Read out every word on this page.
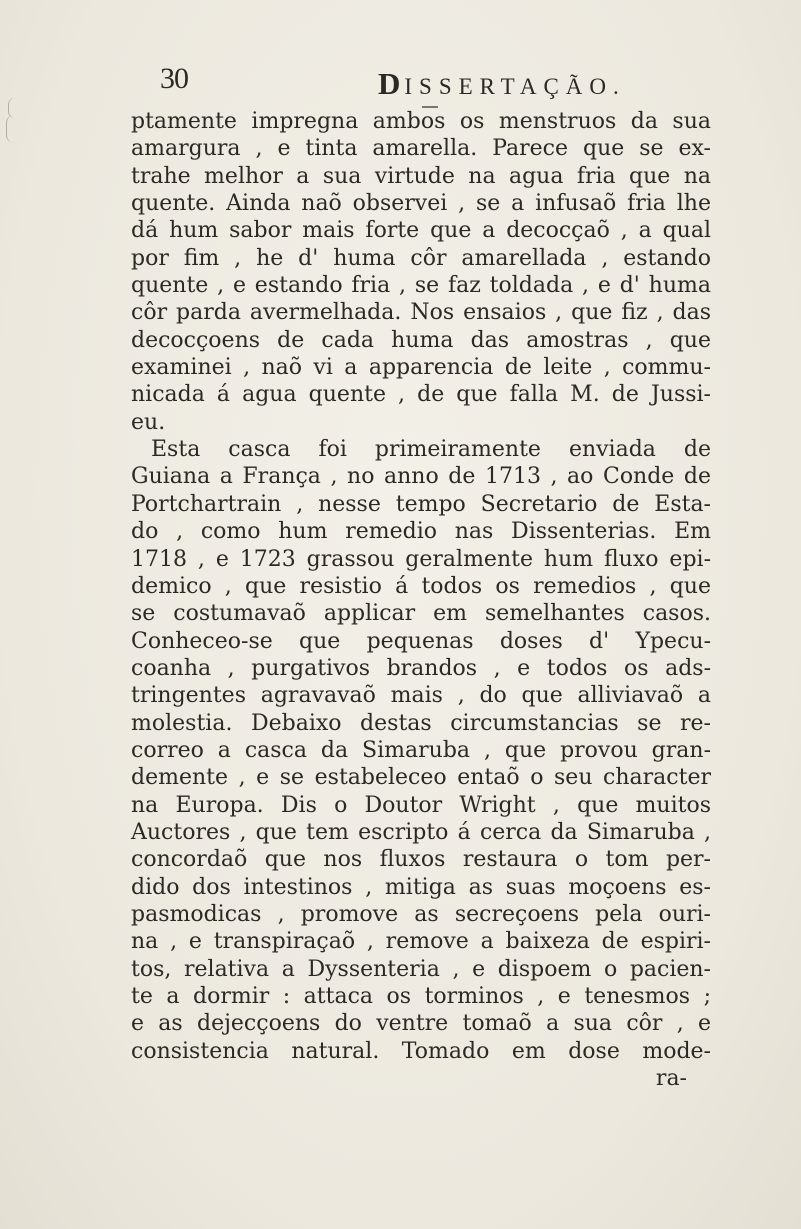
30	DISSERTAÇÃO.
ptamente impregna ambos os menstruos da sua
amargura , e tinta amarella. Parece que se ex-
trahe melhor a sua virtude na agua fria que na
quente. Ainda naõ observei , se a infusaõ fria lhe
dá hum sabor mais forte que a decocçaõ , a qual
por fim , he d' huma côr amarellada , estando
quente , e estando fria , se faz toldada , e d' huma
côr parda avermelhada. Nos ensaios , que fiz , das
decocçoens de cada huma das amostras , que
examinei , naõ vi a apparencia de leite , commu-
nicada á agua quente , de que falla M. de Jussi-
eu.
Esta casca foi primeiramente enviada de
Guiana a França , no anno de 1713 , ao Conde de
Portchartrain , nesse tempo Secretario de Esta-
do , como hum remedio nas Dissenterias. Em
1718 , e 1723 grassou geralmente hum fluxo epi-
demico , que resistio á todos os remedios , que
se costumavaõ applicar em semelhantes casos.
Conheceo-se que pequenas doses d' Ypecu-
coanha , purgativos brandos , e todos os ads-
tringentes agravavaõ mais , do que alliviavaõ a
molestia. Debaixo destas circumstancias se re-
correo a casca da Simaruba , que provou gran-
demente , e se estabeleceo entaõ o seu character
na Europa. Dis o Doutor Wright , que muitos
Auctores , que tem escripto á cerca da Simaruba ,
concordaõ que nos fluxos restaura o tom per-
dido dos intestinos , mitiga as suas moçoens es-
pasmodicas , promove as secreçoens pela ouri-
na , e transpiraçaõ , remove a baixeza de espiri-
tos, relativa a Dyssenteria , e dispoem o pacien-
te a dormir : attaca os torminos , e tenesmos ;
e as dejecçoens do ventre tomaõ a sua côr , e
consistencia natural. Tomado em dose mode-
ra-
